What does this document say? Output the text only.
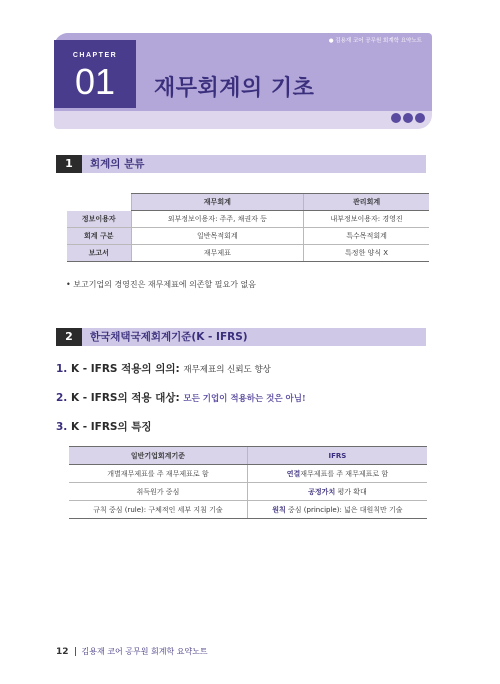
● 김용재 코어 공무원 회계학 요약노트
CHAPTER
01	재무회계의 기초
1	회계의 분류
	재무회계	관리회계
정보이용자	외부정보이용자: 주주, 채권자 등	내부정보이용자: 경영진
회계 구분	일반목적회계	특수목적회계
보고서	재무제표	특정한 양식 X
• 보고기업의 경영진은 재무제표에 의존할 필요가 없음
2	한국채택국제회계기준(K - IFRS)
1. K - IFRS 적용의 의의: 재무제표의 신뢰도 향상
2. K - IFRS의 적용 대상: 모든 기업이 적용하는 것은 아님!
3. K - IFRS의 특징
일반기업회계기준	IFRS
개별재무제표를 주 재무제표로 함	연결재무제표를 주 재무제표로 함
취득원가 중심	공정가치 평가 확대
규칙 중심 (rule): 구체적인 세부 지침 기술	원칙 중심 (principle): 넓은 대원칙만 기술
12 김용재 코어 공무원 회계학 요약노트
